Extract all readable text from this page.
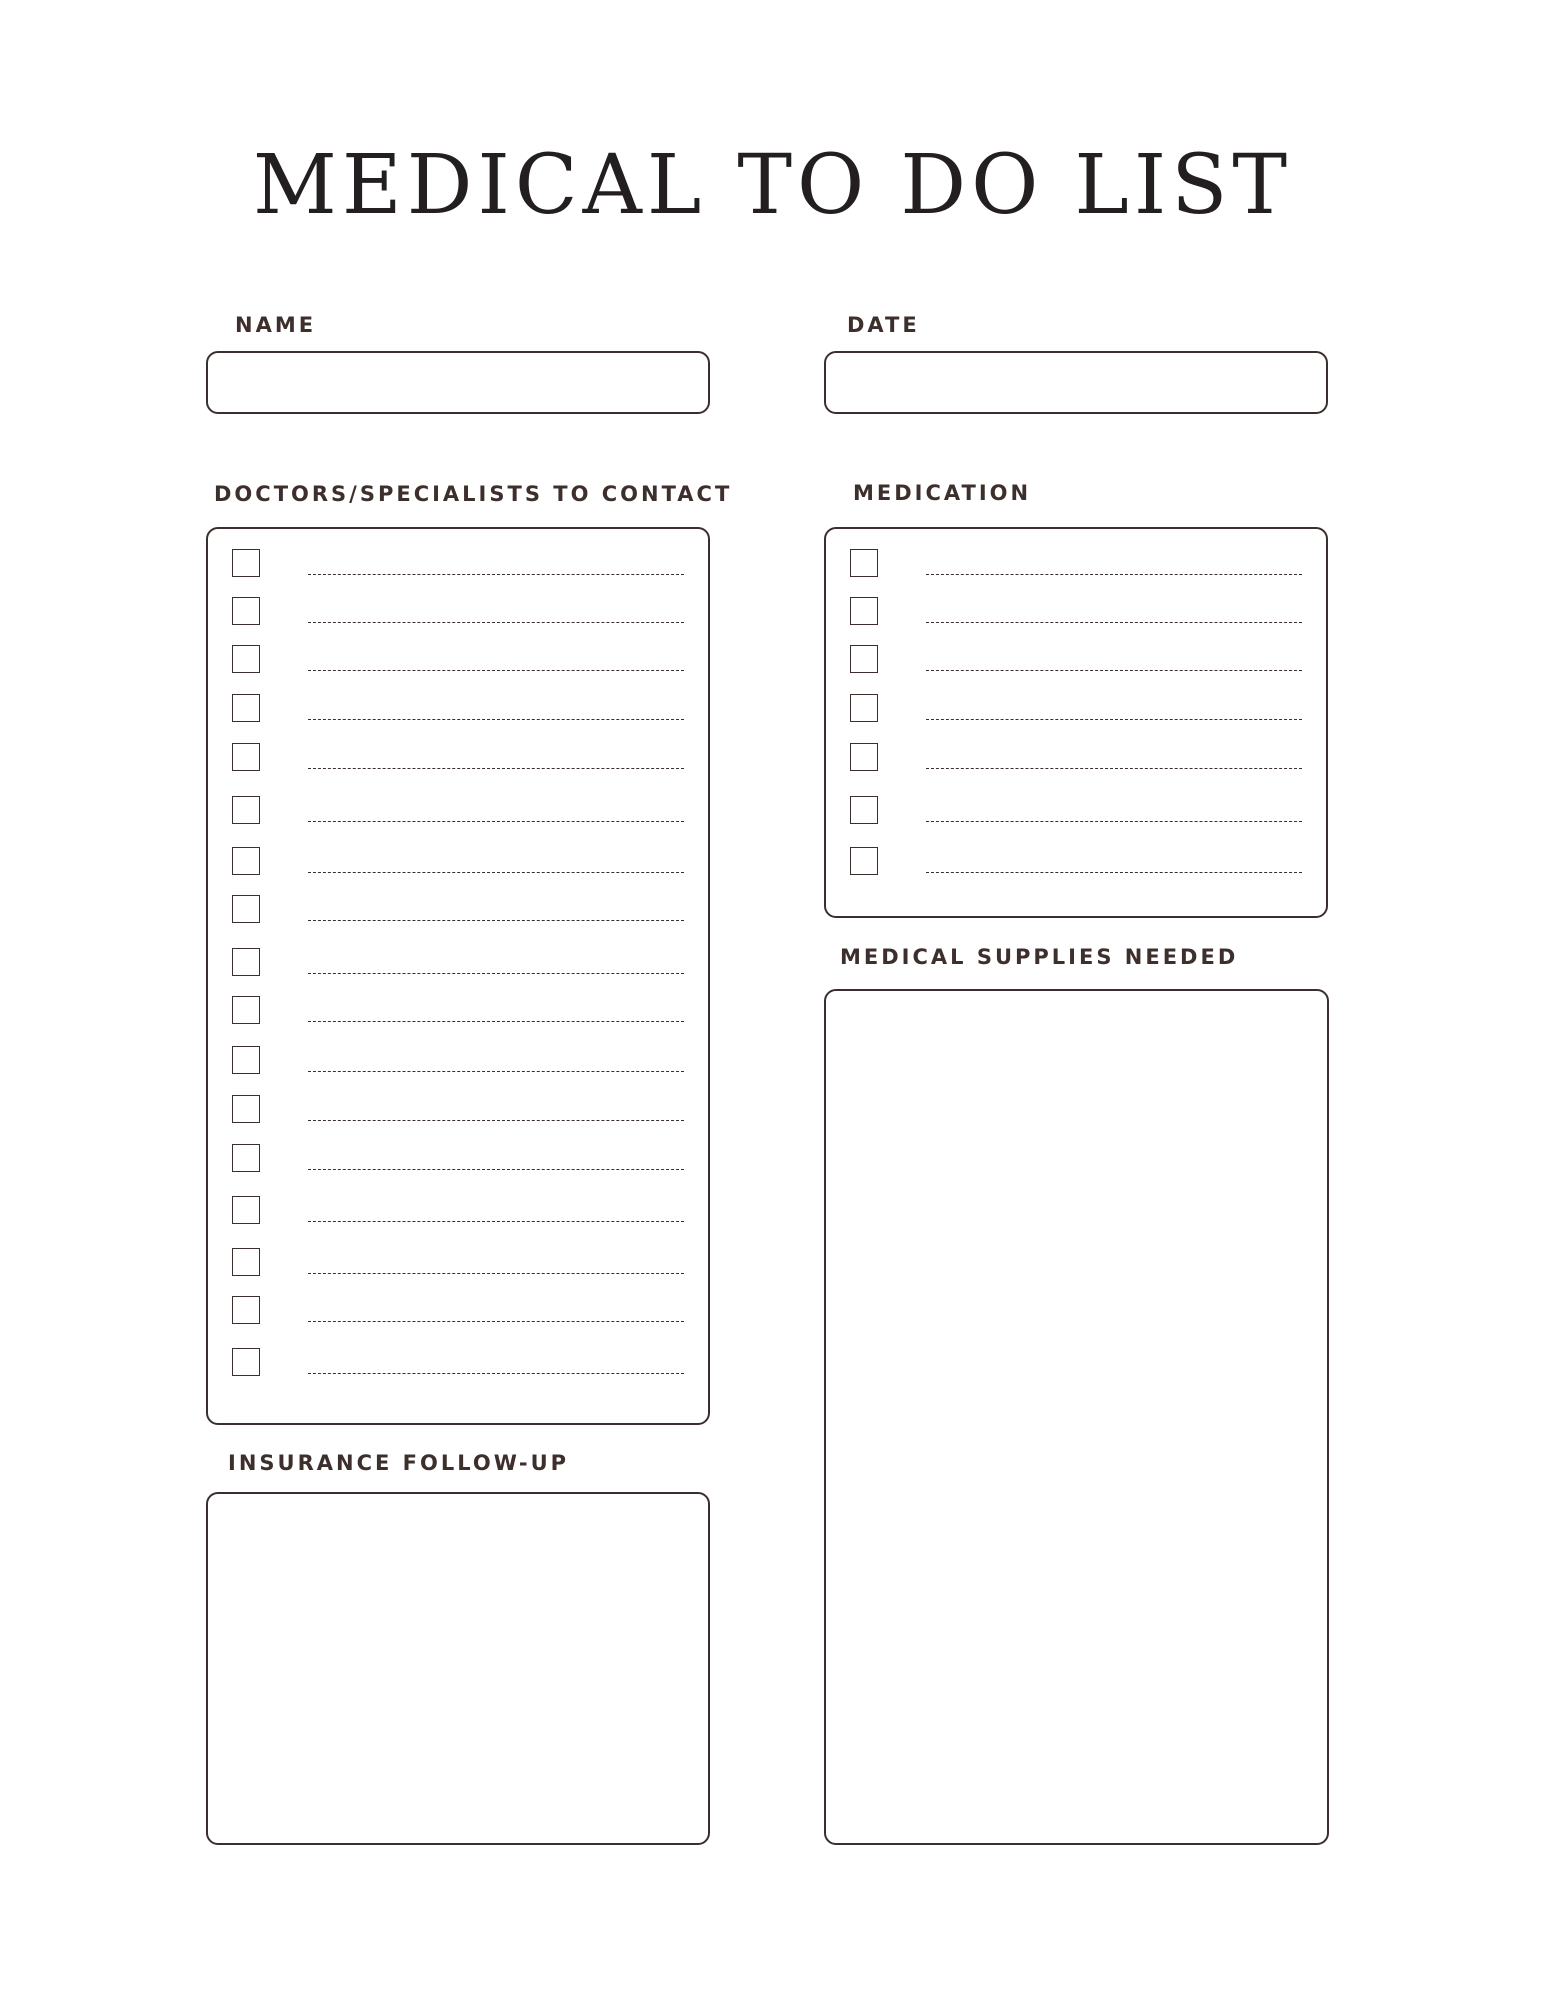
MEDICAL TO DO LIST
NAME	DATE
DOCTORS/SPECIALISTS TO CONTACT	MEDICATION
MEDICAL SUPPLIES NEEDED
INSURANCE FOLLOW-UP
